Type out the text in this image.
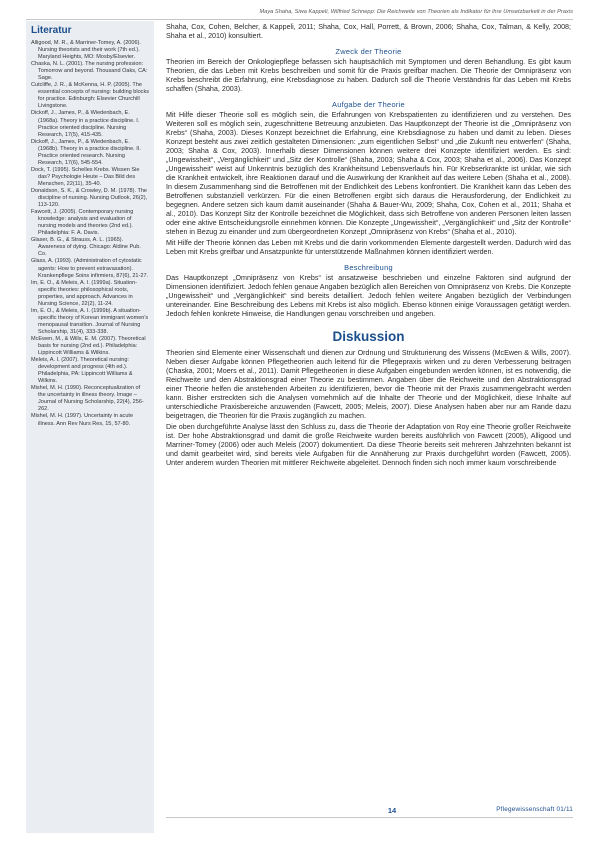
Maya Shaha, Siwa Kappeli, Wilfried Schnepp: Die Reichweite von Theorien als Indikator für ihre Umsetzbarkeit in der Praxis
Literatur

Alligood, M. R., & Marriner-Tomey, A. (2006). Nursing theorists and their work (7th ed.). Maryland Heights, MO: Mosby/Elsevier.

Chaska, N. L. (2001). The nursing profession: Tomorrow and beyond. Thousand Oaks, CA: Sage.

Cutcliffe, J. R., & McKenna, H. P. (2005). The essential concepts of nursing: building blocks for practice. Edinburgh: Elsevier Churchill Livingstone.

Dickoff, J., James, P., & Wiedenbach, E. (1968a). Theory in a practice discipline. I. Practice oriented discipline. Nursing Research, 17(5), 415-435.

Dickoff, J., James, P., & Wiedenbach, E. (1968b). Theory in a practice discipline. II. Practice oriented research. Nursing Research, 17(6), 545-554.

Dock, T. (1995). Schelles Krebs. Wissen Sie das? Psychologie Heute – Das Bild des Menschen, 22(11), 35-40.

Donaldson, S. K., & Crowley, D. M. (1978). The discipline of nursing. Nursing Outlook, 26(2), 113-120.

Fawcett, J. (2005). Contemporary nursing knowledge: analysis and evaluation of nursing models and theories (2nd ed.). Philadelphia: F. A. Davis.

Glaser, B. G., & Strauss, A. L. (1965). Awareness of dying. Chicago: Aldine Pub. Co.

Glass, A. (1993). (Administration of cytostatic agents: How to prevent extravasation). Krankenpflege Soins infirmiers, 87(6), 21-27.

Im, E. O., & Meleis, A. I. (1999a). Situation-specific theories: philosophical roots, properties, and approach. Advances in Nursing Science, 22(2), 11-24.

Im, E. O., & Meleis, A. I. (1999b). A situation-specific theory of Korean immigrant women's menopausal transition. Journal of Nursing Scholarship, 31(4), 333-338.

McEwen, M., & Wills, E. M. (2007). Theoretical basis for nursing (2nd ed.). Philadelphia: Lippincott Williams & Wilkins.

Meleis, A. I. (2007). Theoretical nursing: development and progress (4th ed.). Philadelphia, PA: Lippincott Williams & Wilkins.

Mishel, M. H. (1990). Reconceptualization of the uncertainty in illness theory. Image – Journal of Nursing Scholarship, 22(4), 256-262.

Mishel, M. H. (1997). Uncertainty in acute illness. Ann Rev Nurs Res, 15, 57-80.

Shaha, Cox, Cohen, Belcher, & Kappeli, 2011; Shaha, Cox, Hall, Porrett, & Brown, 2006; Shaha, Cox, Talman, & Kelly, 2008; Shaha et al., 2010) konsultiert.

Zweck der Theorie

Theorien im Bereich der Onkologiepflege befassen sich hauptsächlich mit Symptomen und deren Behandlung. Es gibt kaum Theorien, die das Leben mit Krebs beschreiben und somit für die Praxis greifbar machen. Die Theorie der Omnipräsenz von Krebs beschreibt die Erfahrung, eine Krebsdiagnose zu haben. Dadurch soll die Theorie Verständnis für das Leben mit Krebs schaffen (Shaha, 2003).

Aufgabe der Theorie

Mit Hilfe dieser Theorie soll es möglich sein, die Erfahrungen von Krebspatienten zu identifizieren und zu verstehen. Des Weiteren soll es möglich sein, zugeschnittene Betreuung anzubieten. Das Hauptkonzept der Theorie ist die „Omnipräsenz von Krebs“ (Shaha, 2003). Dieses Konzept bezeichnet die Erfahrung, eine Krebsdiagnose zu haben und damit zu leben. Dieses Konzept besteht aus zwei zeitlich gestalteten Dimensionen: „zum eigentlichen Selbst“ und „die Zukunft neu entwerfen“ (Shaha, 2003; Shaha & Cox, 2003). Innerhalb dieser Dimensionen können weitere drei Konzepte identifiziert werden. Es sind: „Ungewissheit“, „Vergänglichkeit“ und „Sitz der Kontrolle“ (Shaha, 2003; Shaha & Cox, 2003; Shaha et al., 2006). Das Konzept „Ungewissheit“ weist auf Unkenntnis bezüglich des Krankheitsund Lebensverlaufs hin. Für Krebserkrankte ist unklar, wie sich die Krankheit entwickelt, ihre Reaktionen darauf und die Auswirkung der Krankheit auf das weitere Leben (Shaha et al., 2008). In diesem Zusammenhang sind die Betroffenen mit der Endlichkeit des Lebens konfrontiert. Die Krankheit kann das Leben des Betroffenen substanziell verkürzen. Für die einen Betroffenen ergibt sich daraus die Herausforderung, der Endlichkeit zu begegnen. Andere setzen sich kaum damit auseinander (Shaha & Bauer-Wu, 2009; Shaha, Cox, Cohen et al., 2011; Shaha et al., 2010). Das Konzept Sitz der Kontrolle bezeichnet die Möglichkeit, dass sich Betroffene von anderen Personen leiten lassen oder eine aktive Entscheidungsrolle einnehmen können. Die Konzepte „Ungewissheit“, „Vergänglichkeit“ und „Sitz der Kontrolle“ stehen in Bezug zu einander und zum übergeordneten Konzept „Omnipräsenz von Krebs“ (Shaha et al., 2010).

Mit Hilfe der Theorie können das Leben mit Krebs und die darin vorkommenden Elemente dargestellt werden. Dadurch wird das Leben mit Krebs greifbar und Ansatzpunkte für unterstützende Maßnahmen können identifiziert werden.

Beschreibung

Das Hauptkonzept „Omnipräsenz von Krebs“ ist ansatzweise beschrieben und einzelne Faktoren sind aufgrund der Dimensionen identifiziert. Jedoch fehlen genaue Angaben bezüglich allen Bereichen von Omnipräsenz von Krebs. Die Konzepte „Ungewissheit“ und „Vergänglichkeit“ sind bereits detailliert. Jedoch fehlen weitere Angaben bezüglich der Verbindungen untereinander. Eine Beschreibung des Lebens mit Krebs ist also möglich. Ebenso können einige Voraussagen getätigt werden. Jedoch fehlen konkrete Hinweise, die Handlungen genau vorschreiben und angeben.

Diskussion

Theorien sind Elemente einer Wissenschaft und dienen zur Ordnung und Strukturierung des Wissens (McEwen & Wills, 2007). Neben dieser Aufgabe können Pflegetheorien auch leitend für die Pflegepraxis wirken und zu deren Verbesserung beitragen (Chaska, 2001; Moers et al., 2011). Damit Pflegetheorien in diese Aufgaben eingebunden werden können, ist es notwendig, die Reichweite und den Abstraktionsgrad einer Theorie zu bestimmen. Angaben über die Reichweite und den Abstraktionsgrad einer Theorie helfen die anstehenden Arbeiten zu identifizieren, bevor die Theorie mit der Praxis zusammengebracht werden kann. Bisher erstreckten sich die Analysen vornehmlich auf die Inhalte der Theorie und der Möglichkeit, diese Inhalte auf unterschiedliche Praxisbereiche anzuwenden (Fawcett, 2005; Meleis, 2007). Diese Analysen haben aber nur am Rande dazu beigetragen, die Theorien für die Praxis zugänglich zu machen.

Die oben durchgeführte Analyse lässt den Schluss zu, dass die Theorie der Adaptation von Roy eine Theorie großer Reichweite ist. Der hohe Abstraktionsgrad und damit die große Reichweite wurden bereits ausführlich von Fawcett (2005), Alligood und Marriner-Tomey (2006) oder auch Meleis (2007) dokumentiert. Da diese Theorie bereits seit mehreren Jahrzehnten bekannt ist und damit gearbeitet wird, sind bereits viele Aufgaben für die Annäherung zur Praxis durchgeführt worden (Fawcett, 2005). Unter anderem wurden Theorien mit mittlerer Reichweite abgeleitet. Dennoch finden sich noch immer kaum vorschreibende

14	Pflegewissenschaft 01/11
